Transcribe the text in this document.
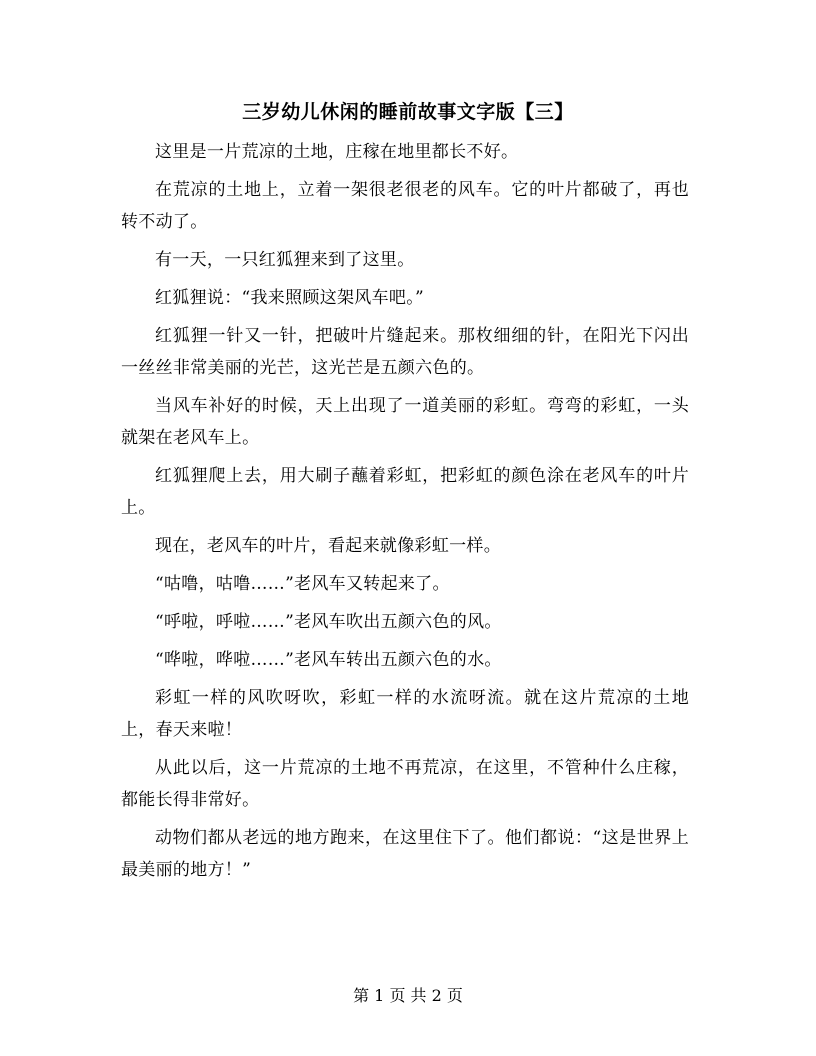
三岁幼儿休闲的睡前故事文字版【三】

这里是一片荒凉的土地，庄稼在地里都长不好。

在荒凉的土地上，立着一架很老很老的风车。它的叶片都破了，再也转不动了。

有一天，一只红狐狸来到了这里。

红狐狸说：“我来照顾这架风车吧。”

红狐狸一针又一针，把破叶片缝起来。那枚细细的针，在阳光下闪出一丝丝非常美丽的光芒，这光芒是五颜六色的。

当风车补好的时候，天上出现了一道美丽的彩虹。弯弯的彩虹，一头就架在老风车上。

红狐狸爬上去，用大刷子蘸着彩虹，把彩虹的颜色涂在老风车的叶片上。

现在，老风车的叶片，看起来就像彩虹一样。

“咕噜，咕噜……”老风车又转起来了。

“呼啦，呼啦……”老风车吹出五颜六色的风。

“哗啦，哗啦……”老风车转出五颜六色的水。

彩虹一样的风吹呀吹，彩虹一样的水流呀流。就在这片荒凉的土地上，春天来啦！

从此以后，这一片荒凉的土地不再荒凉，在这里，不管种什么庄稼，都能长得非常好。

动物们都从老远的地方跑来，在这里住下了。他们都说：“这是世界上最美丽的地方！”

第 1 页 共 2 页
